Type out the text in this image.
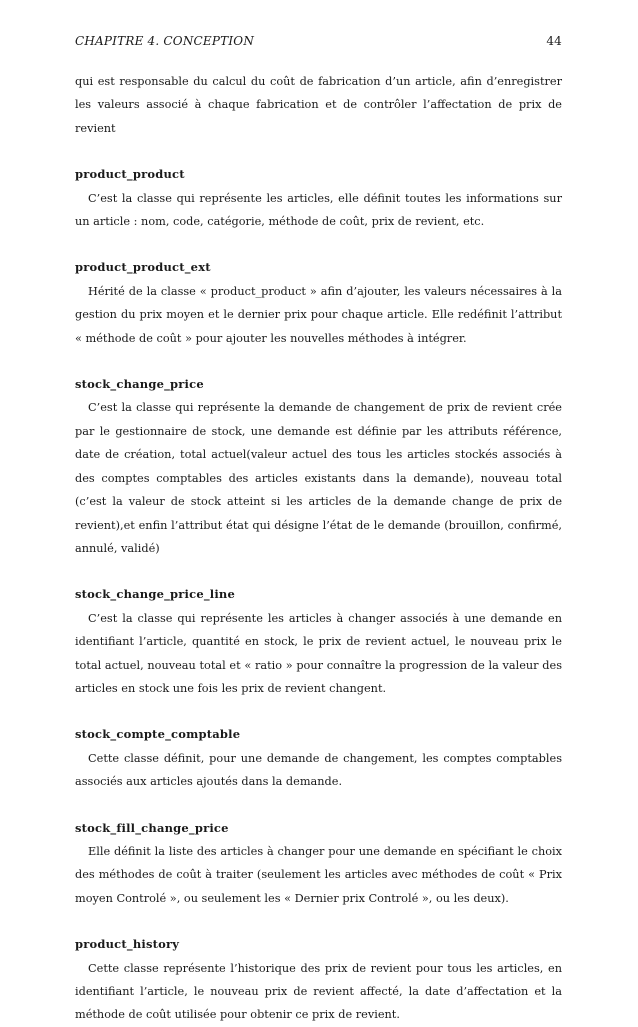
CHAPITRE 4. CONCEPTION	44

qui est responsable du calcul du coût de fabrication d’un article, afin d’enregistrer les valeurs associé à chaque fabrication et de contrôler l’affectation de prix de revient

product_product

C’est la classe qui représente les articles, elle définit toutes les informations sur un article : nom, code, catégorie, méthode de coût, prix de revient, etc.

product_product_ext

Hérité de la classe « product_product » afin d’ajouter, les valeurs nécessaires à la gestion du prix moyen et le dernier prix pour chaque article. Elle redéfinit l’attribut « méthode de coût » pour ajouter les nouvelles méthodes à intégrer.

stock_change_price

C’est la classe qui représente la demande de changement de prix de revient crée par le gestionnaire de stock, une demande est définie par les attributs référence, date de création, total actuel(valeur actuel des tous les articles stockés associés à des comptes comptables des articles existants dans la demande), nouveau total (c’est la valeur de stock atteint si les articles de la demande change de prix de revient),et enfin l’attribut état qui désigne l’état de le demande (brouillon, confirmé, annulé, validé)

stock_change_price_line

C’est la classe qui représente les articles à changer associés à une demande en identifiant l’article, quantité en stock, le prix de revient actuel, le nouveau prix le total actuel, nouveau total et « ratio » pour connaître la progression de la valeur des articles en stock une fois les prix de revient changent.

stock_compte_comptable

Cette classe définit, pour une demande de changement, les comptes comptables associés aux articles ajoutés dans la demande.

stock_fill_change_price

Elle définit la liste des articles à changer pour une demande en spécifiant le choix des méthodes de coût à traiter (seulement les articles avec méthodes de coût « Prix moyen Controlé », ou seulement les « Dernier prix Controlé », ou les deux).

product_history

Cette classe représente l’historique des prix de revient pour tous les articles, en identifiant l’article, le nouveau prix de revient affecté, la date d’affectation et la méthode de coût utilisée pour obtenir ce prix de revient.
